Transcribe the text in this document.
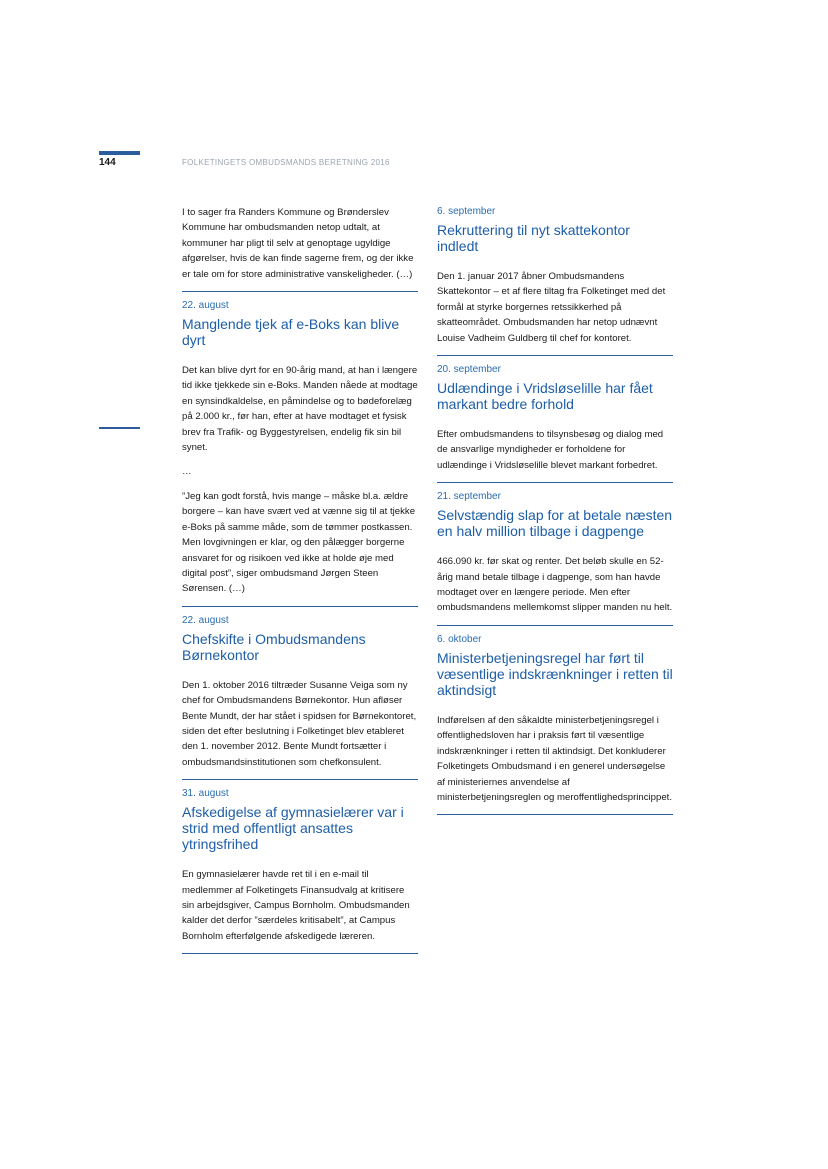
144	FOLKETINGETS OMBUDSMANDS BERETNING 2016

I to sager fra Randers Kommune og Brønderslev Kommune har ombudsmanden netop udtalt, at kommuner har pligt til selv at genoptage ugyldige afgørelser, hvis de kan finde sagerne frem, og der ikke er tale om for store administrative vanskeligheder. (…)

22. august
Manglende tjek af e-Boks kan blive dyrt

Det kan blive dyrt for en 90-årig mand, at han i længere tid ikke tjekkede sin e-Boks. Manden nåede at modtage en synsindkaldelse, en påmindelse og to bødeforelæg på 2.000 kr., før han, efter at have modtaget et fysisk brev fra Trafik- og Byggestyrelsen, endelig fik sin bil synet.

…

”Jeg kan godt forstå, hvis mange – måske bl.a. ældre borgere – kan have svært ved at vænne sig til at tjekke e-Boks på samme måde, som de tømmer postkassen. Men lovgivningen er klar, og den pålægger borgerne ansvaret for og risikoen ved ikke at holde øje med digital post”, siger ombudsmand Jørgen Steen Sørensen. (…)

22. august
Chefskifte i Ombudsmandens Børnekontor

Den 1. oktober 2016 tiltræder Susanne Veiga som ny chef for Ombudsmandens Børnekontor. Hun afløser Bente Mundt, der har stået i spidsen for Børnekontoret, siden det efter beslutning i Folketinget blev etableret den 1. november 2012. Bente Mundt fortsætter i ombudsmandsinstitutionen som chefkonsulent.

31. august
Afskedigelse af gymnasielærer var i strid med offentligt ansattes ytringsfrihed

En gymnasielærer havde ret til i en e-mail til medlemmer af Folketingets Finansudvalg at kritisere sin arbejdsgiver, Campus Bornholm. Ombudsmanden kalder det derfor ”særdeles kritisabelt”, at Campus Bornholm efterfølgende afskedigede læreren.

6. september
Rekruttering til nyt skattekontor indledt

Den 1. januar 2017 åbner Ombudsmandens Skattekontor – et af flere tiltag fra Folketinget med det formål at styrke borgernes retssikkerhed på skatteområdet. Ombudsmanden har netop udnævnt Louise Vadheim Guldberg til chef for kontoret.

20. september
Udlændinge i Vridsløselille har fået markant bedre forhold

Efter ombudsmandens to tilsynsbesøg og dialog med de ansvarlige myndigheder er forholdene for udlændinge i Vridsløselille blevet markant forbedret.

21. september
Selvstændig slap for at betale næsten en halv million tilbage i dagpenge

466.090 kr. før skat og renter. Det beløb skulle en 52-årig mand betale tilbage i dagpenge, som han havde modtaget over en længere periode. Men efter ombudsmandens mellemkomst slipper manden nu helt.

6. oktober
Ministerbetjeningsregel har ført til væsentlige indskrænkninger i retten til aktindsigt

Indførelsen af den såkaldte ministerbetjeningsregel i offentlighedsloven har i praksis ført til væsentlige indskrænkninger i retten til aktindsigt. Det konkluderer Folketingets Ombudsmand i en generel undersøgelse af ministeriernes anvendelse af ministerbetjeningsreglen og meroffentlighedsprincippet.
